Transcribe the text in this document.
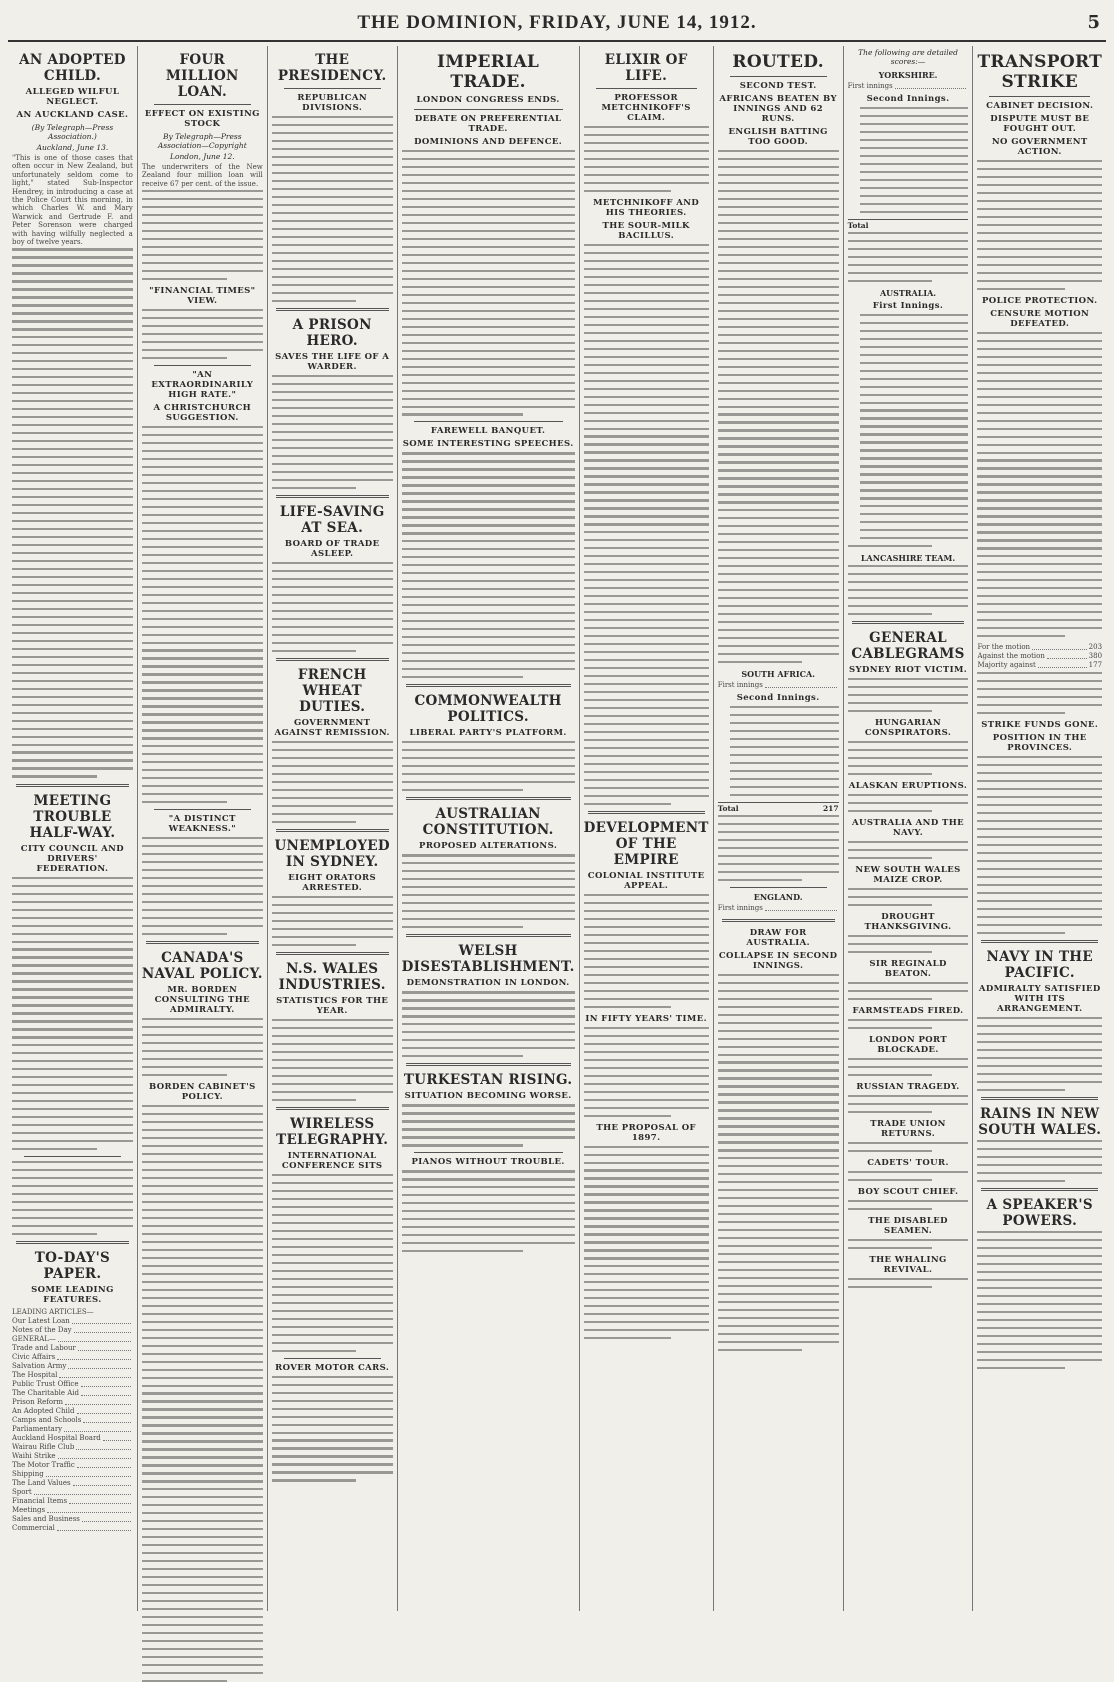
THE DOMINION, FRIDAY, JUNE 14, 1912.	5
AN ADOPTED CHILD.
ALLEGED WILFUL NEGLECT.
AN AUCKLAND CASE.
(By Telegraph—Press Association.)
Auckland, June 13.

"This is one of those cases that often occur in New Zealand, but unfortunately seldom come to light," stated Sub-Inspector Hendrey, in introducing a case at the Police Court this morning, in which Charles W. and Mary Warwick and Gertrude F. and Peter Sorenson were charged with having wilfully neglected a boy of twelve years.

MEETING TROUBLE HALF-WAY.
CITY COUNCIL AND DRIVERS' FEDERATION.
TO-DAY'S PAPER.
SOME LEADING FEATURES.
LEADING ARTICLES—
Our Latest Loan
Notes of the Day
GENERAL—
Trade and Labour
Civic Affairs
Salvation Army
The Hospital
Public Trust Office
The Charitable Aid
Prison Reform
An Adopted Child
Camps and Schools
Parliamentary
Auckland Hospital Board
Wairau Rifle Club
Waihi Strike
The Motor Traffic
Shipping
The Land Values
Sport
Financial Items
Meetings
Sales and Business
Commercial
FOUR MILLION LOAN.
EFFECT ON EXISTING STOCK
By Telegraph—Press Association—Copyright
London, June 12.

The underwriters of the New Zealand four million loan will receive 67 per cent. of the issue.

"FINANCIAL TIMES" VIEW.
"AN EXTRAORDINARILY HIGH RATE."
A CHRISTCHURCH SUGGESTION.
"A DISTINCT WEAKNESS."
CANADA'S NAVAL POLICY.
MR. BORDEN CONSULTING THE ADMIRALTY.
BORDEN CABINET'S POLICY.
THE PRESIDENCY.
REPUBLICAN DIVISIONS.
A PRISON HERO.
SAVES THE LIFE OF A WARDER.
LIFE-SAVING AT SEA.
BOARD OF TRADE ASLEEP.
FRENCH WHEAT DUTIES.
GOVERNMENT AGAINST REMISSION.
UNEMPLOYED IN SYDNEY.
EIGHT ORATORS ARRESTED.
N.S. WALES INDUSTRIES.
STATISTICS FOR THE YEAR.
WIRELESS TELEGRAPHY.
INTERNATIONAL CONFERENCE SITS
ROVER MOTOR CARS.
IMPERIAL TRADE.
LONDON CONGRESS ENDS.
DEBATE ON PREFERENTIAL TRADE.
DOMINIONS AND DEFENCE.
FAREWELL BANQUET.
SOME INTERESTING SPEECHES.
COMMONWEALTH POLITICS.
LIBERAL PARTY'S PLATFORM.
AUSTRALIAN CONSTITUTION.
PROPOSED ALTERATIONS.
WELSH DISESTABLISHMENT.
DEMONSTRATION IN LONDON.
TURKESTAN RISING.
SITUATION BECOMING WORSE.
PIANOS WITHOUT TROUBLE.
ELIXIR OF LIFE.
PROFESSOR METCHNIKOFF'S CLAIM.
METCHNIKOFF AND HIS THEORIES.
THE SOUR-MILK BACILLUS.
DEVELOPMENT OF THE EMPIRE
COLONIAL INSTITUTE APPEAL.
IN FIFTY YEARS' TIME.
THE PROPOSAL OF 1897.
ROUTED.
SECOND TEST.
AFRICANS BEATEN BY INNINGS AND 62 RUNS.
ENGLISH BATTING TOO GOOD.
SOUTH AFRICA.
First innings
Second Innings.
Total	217
ENGLAND.
First innings
DRAW FOR AUSTRALIA.
COLLAPSE IN SECOND INNINGS.
The following are detailed scores:—
YORKSHIRE.
First innings
Second Innings.
Total
AUSTRALIA.
First Innings.
LANCASHIRE TEAM.
GENERAL CABLEGRAMS
SYDNEY RIOT VICTIM.
HUNGARIAN CONSPIRATORS.
ALASKAN ERUPTIONS.
AUSTRALIA AND THE NAVY.
NEW SOUTH WALES MAIZE CROP.
DROUGHT THANKSGIVING.
SIR REGINALD BEATON.
FARMSTEADS FIRED.
LONDON PORT BLOCKADE.
RUSSIAN TRAGEDY.
TRADE UNION RETURNS.
CADETS' TOUR.
BOY SCOUT CHIEF.
THE DISABLED SEAMEN.
THE WHALING REVIVAL.
TRANSPORT STRIKE
CABINET DECISION.
DISPUTE MUST BE FOUGHT OUT.
NO GOVERNMENT ACTION.
POLICE PROTECTION.
CENSURE MOTION DEFEATED.
For the motion	203
Against the motion	380
Majority against	177
STRIKE FUNDS GONE.
POSITION IN THE PROVINCES.
NAVY IN THE PACIFIC.
ADMIRALTY SATISFIED WITH ITS ARRANGEMENT.
RAINS IN NEW SOUTH WALES.
A SPEAKER'S POWERS.
